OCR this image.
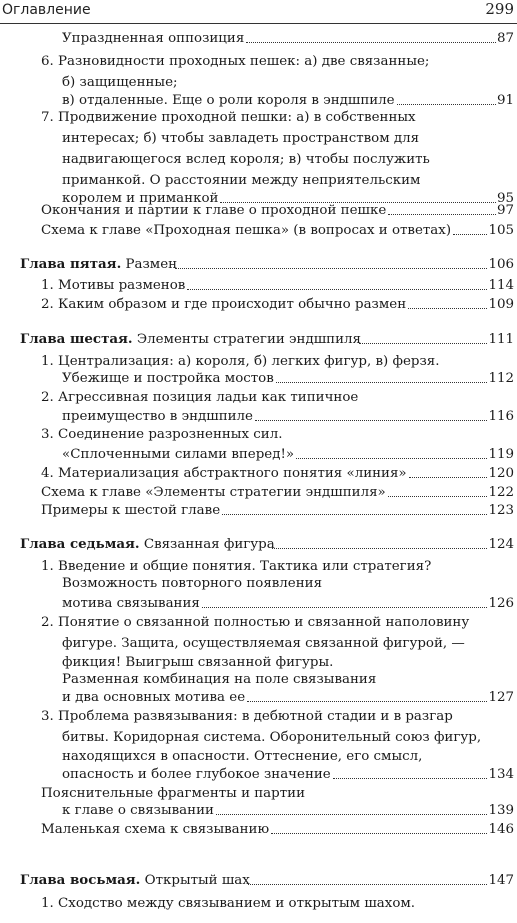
Оглавление	299
Упраздненная оппозиция	87
6. Разновидности проходных пешек: а) две связанные;
б) защищенные;
в) отдаленные. Еще о роли короля в эндшпиле	91
7. Продвижение проходной пешки: а) в собственных
интересах; б) чтобы завладеть пространством для
надвигающегося вслед короля; в) чтобы послужить
приманкой. О расстоянии между неприятельским
королем и приманкой	95
Окончания и партии к главе о проходной пешке	97
Схема к главе «Проходная пешка» (в вопросах и ответах)	105
Глава пятая. Размен	106
1. Мотивы разменов	114
2. Каким образом и где происходит обычно размен	109
Глава шестая. Элементы стратегии эндшпиля	111
1. Централизация: а) короля, б) легких фигур, в) ферзя.
Убежище и постройка мостов	112
2. Агрессивная позиция ладьи как типичное
преимущество в эндшпиле	116
3. Соединение разрозненных сил.
«Сплоченными силами вперед!»	119
4. Материализация абстрактного понятия «линия»	120
Схема к главе «Элементы стратегии эндшпиля»	122
Примеры к шестой главе	123
Глава седьмая. Связанная фигура	124
1. Введение и общие понятия. Тактика или стратегия?
Возможность повторного появления
мотива связывания	126
2. Понятие о связанной полностью и связанной наполовину
фигуре. Защита, осуществляемая связанной фигурой, —
фикция! Выигрыш связанной фигуры.
Разменная комбинация на поле связывания
и два основных мотива ее	127
3. Проблема развязывания: в дебютной стадии и в разгар
битвы. Коридорная система. Оборонительный союз фигур,
находящихся в опасности. Оттеснение, его смысл,
опасность и более глубокое значение	134
Пояснительные фрагменты и партии
к главе о связывании	139
Маленькая схема к связыванию	146
Глава восьмая. Открытый шах	147
1. Сходство между связыванием и открытым шахом.
